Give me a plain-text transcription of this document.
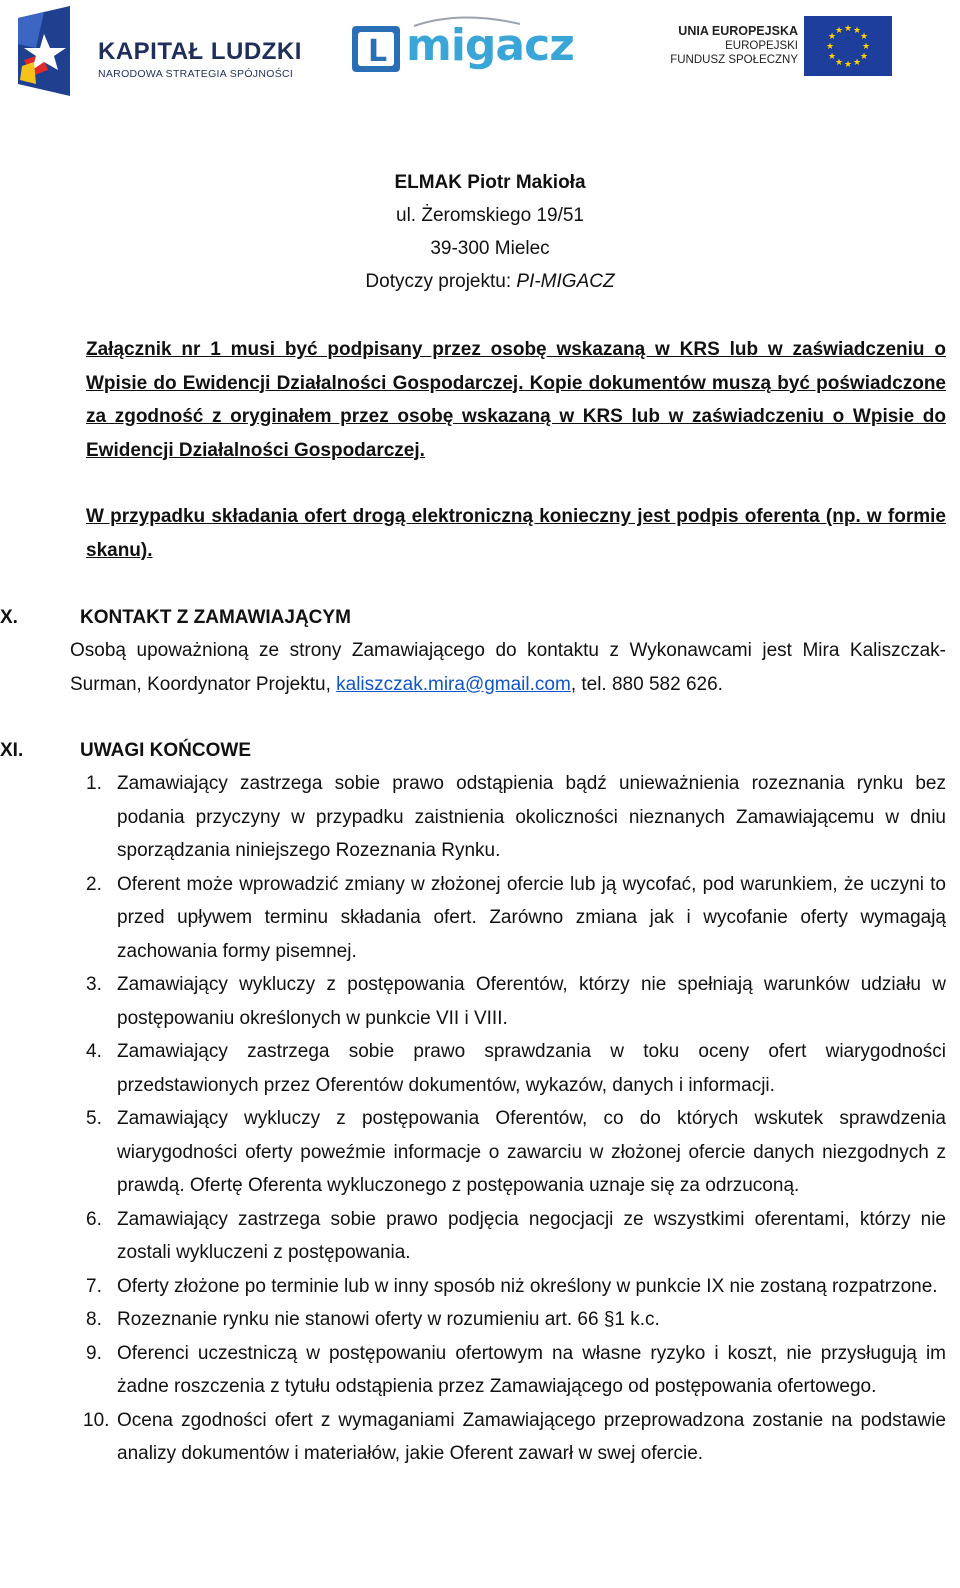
KAPITAŁ LUDZKI
NARODOWA STRATEGIA SPÓJNOŚCI
L migacz	UNIA EUROPEJSKA
EUROPEJSKI
FUNDUSZ SPOŁECZNY
★ ★
★
★
★
★
★
★
★
★
★
★
ELMAK Piotr Makioła
ul. Żeromskiego 19/51
39-300 Mielec
Dotyczy projektu: PI-MIGACZ
Załącznik nr 1 musi być podpisany przez osobę wskazaną w KRS lub w zaświadczeniu o Wpisie do Ewidencji Działalności Gospodarczej. Kopie dokumentów muszą być poświadczone za zgodność z oryginałem przez osobę wskazaną w KRS lub w zaświadczeniu o Wpisie do Ewidencji Działalności Gospodarczej.
W przypadku składania ofert drogą elektroniczną konieczny jest podpis oferenta (np. w formie skanu).
X.	KONTAKT Z ZAMAWIAJĄCYM
Osobą upoważnioną ze strony Zamawiającego do kontaktu z Wykonawcami jest Mira Kaliszczak-Surman, Koordynator Projektu, kaliszczak.mira@gmail.com, tel. 880 582 626.
XI.	UWAGI KOŃCOWE
1. Zamawiający zastrzega sobie prawo odstąpienia bądź unieważnienia rozeznania rynku bez podania przyczyny w przypadku zaistnienia okoliczności nieznanych Zamawiającemu w dniu sporządzania niniejszego Rozeznania Rynku.
2. Oferent może wprowadzić zmiany w złożonej ofercie lub ją wycofać, pod warunkiem, że uczyni to przed upływem terminu składania ofert. Zarówno zmiana jak i wycofanie oferty wymagają zachowania formy pisemnej.
3. Zamawiający wykluczy z postępowania Oferentów, którzy nie spełniają warunków udziału w postępowaniu określonych w punkcie VII i VIII.
4. Zamawiający zastrzega sobie prawo sprawdzania w toku oceny ofert wiarygodności przedstawionych przez Oferentów dokumentów, wykazów, danych i informacji.
5. Zamawiający wykluczy z postępowania Oferentów, co do których wskutek sprawdzenia wiarygodności oferty poweźmie informacje o zawarciu w złożonej ofercie danych niezgodnych z prawdą. Ofertę Oferenta wykluczonego z postępowania uznaje się za odrzuconą.
6. Zamawiający zastrzega sobie prawo podjęcia negocjacji ze wszystkimi oferentami, którzy nie zostali wykluczeni z postępowania.
7. Oferty złożone po terminie lub w inny sposób niż określony w punkcie IX nie zostaną rozpatrzone.
8. Rozeznanie rynku nie stanowi oferty w rozumieniu art. 66 §1 k.c.
9. Oferenci uczestniczą w postępowaniu ofertowym na własne ryzyko i koszt, nie przysługują im żadne roszczenia z tytułu odstąpienia przez Zamawiającego od postępowania ofertowego.
10. Ocena zgodności ofert z wymaganiami Zamawiającego przeprowadzona zostanie na podstawie analizy dokumentów i materiałów, jakie Oferent zawarł w swej ofercie.
